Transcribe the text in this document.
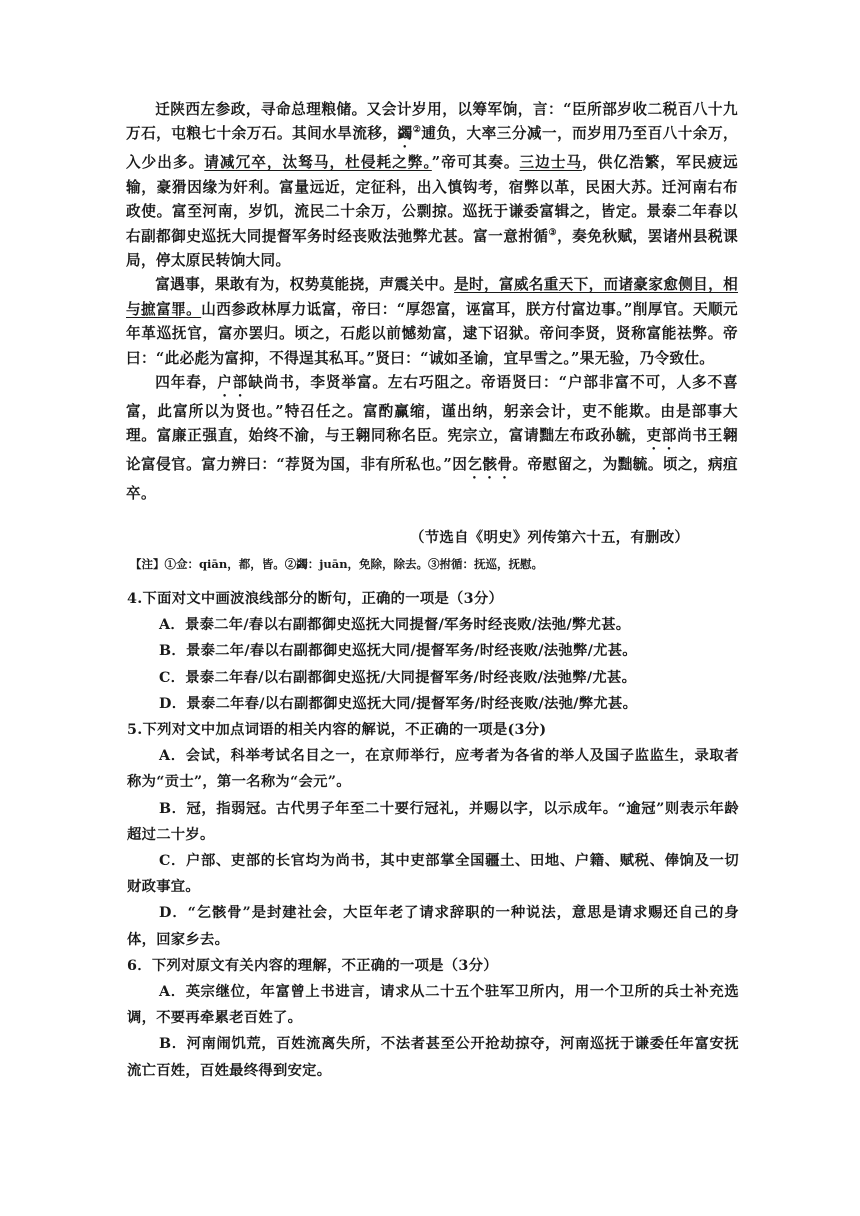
迁陕西左参政，寻命总理粮储。又会计岁用，以筹军饷，言：“臣所部岁收二税百八十九万石，屯粮七十余万石。其间水旱流移，蠲②逋负，大率三分减一，而岁用乃至百八十余万，入少出多。请减冗卒，汰驽马，杜侵耗之弊。”帝可其奏。三边士马，供亿浩繁，军民疲远输，豪猾因缘为奸利。富量远近，定征科，出入慎钩考，宿弊以革，民困大苏。迁河南右布政使。富至河南，岁饥，流民二十余万，公剽掠。巡抚于谦委富辑之，皆定。景泰二年春以右副都御史巡抚大同提督军务时经丧败法弛弊尤甚。富一意拊循③，奏免秋赋，罢诸州县税课局，停太原民转饷大同。

富遇事，果敢有为，权势莫能挠，声震关中。是时，富威名重天下，而诸豪家愈侧目，相与摭富罪。山西参政林厚力诋富，帝曰：“厚怨富，诬富耳，朕方付富边事。”削厚官。天顺元年革巡抚官，富亦罢归。顷之，石彪以前憾劾富，逮下诏狱。帝问李贤，贤称富能祛弊。帝曰：“此必彪为富抑，不得逞其私耳。”贤曰：“诚如圣谕，宜早雪之。”果无验，乃令致仕。

四年春，户部缺尚书，李贤举富。左右巧阻之。帝语贤曰：“户部非富不可，人多不喜富，此富所以为贤也。”特召任之。富酌赢缩，谨出纳，躬亲会计，吏不能欺。由是部事大理。富廉正强直，始终不渝，与王翱同称名臣。宪宗立，富请黜左布政孙毓，吏部尚书王翱论富侵官。富力辨曰：“荐贤为国，非有所私也。”因乞骸骨。帝慰留之，为黜毓。顷之，病疽卒。

（节选自《明史》列传第六十五，有删改）
【注】①佥：qiān，都，皆。②蠲：juān，免除，除去。③拊循：抚巡，抚慰。

4.下面对文中画波浪线部分的断句，正确的一项是（3分）

A．景泰二年/春以右副都御史巡抚大同提督/军务时经丧败/法弛/弊尤甚。

B．景泰二年/春以右副都御史巡抚大同/提督军务/时经丧败/法弛弊/尤甚。

C．景泰二年春/以右副都御史巡抚/大同提督军务/时经丧败/法弛弊/尤甚。

D．景泰二年春/以右副都御史巡抚大同/提督军务/时经丧败/法弛/弊尤甚。

5.下列对文中加点词语的相关内容的解说，不正确的一项是(3分)

A．会试，科举考试名目之一，在京师举行，应考者为各省的举人及国子监监生，录取者称为“贡士”，第一名称为“会元”。

B．冠，指弱冠。古代男子年至二十要行冠礼，并赐以字，以示成年。“逾冠”则表示年龄超过二十岁。

C．户部、吏部的长官均为尚书，其中吏部掌全国疆土、田地、户籍、赋税、俸饷及一切财政事宜。

D．“乞骸骨”是封建社会，大臣年老了请求辞职的一种说法，意思是请求赐还自己的身体，回家乡去。

6．下列对原文有关内容的理解，不正确的一项是（3分）

A．英宗继位，年富曾上书进言，请求从二十五个驻军卫所内，用一个卫所的兵士补充选调，不要再牵累老百姓了。

B．河南闹饥荒，百姓流离失所，不法者甚至公开抢劫掠夺，河南巡抚于谦委任年富安抚流亡百姓，百姓最终得到安定。
